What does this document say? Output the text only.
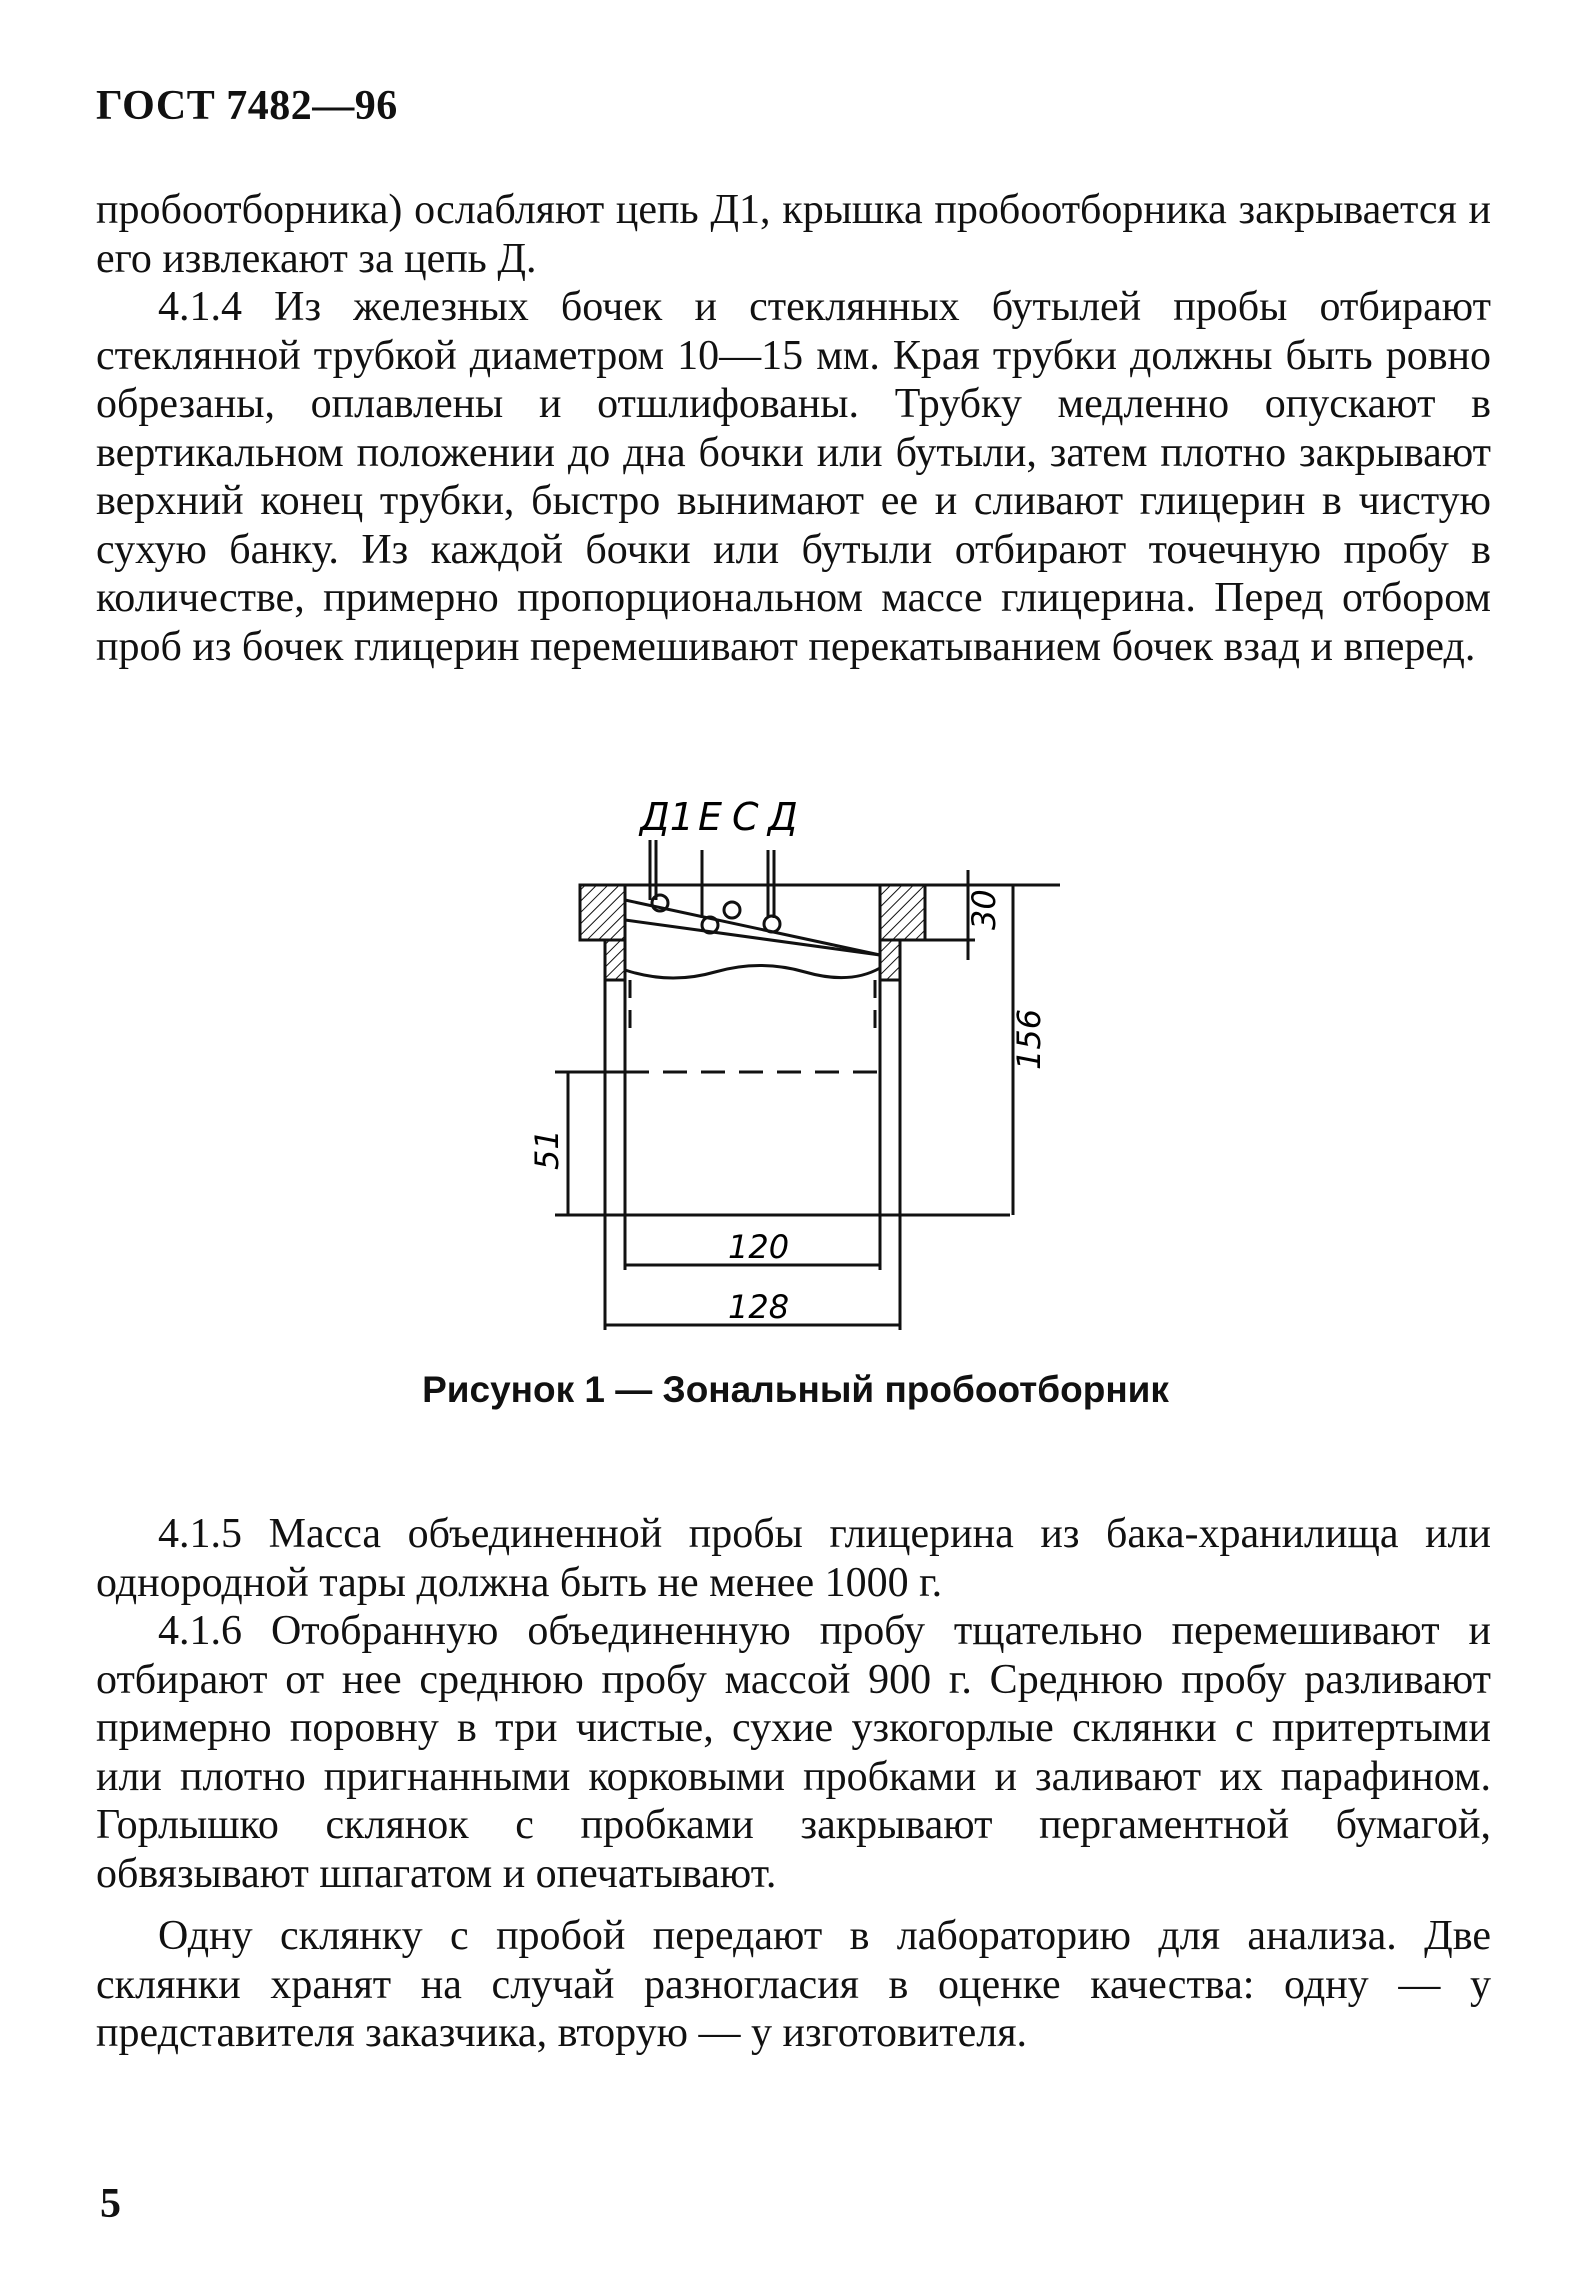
ГОСТ 7482—96

пробоотборника) ослабляют цепь Д1, крышка пробоотборника закрывается и его извлекают за цепь Д.

4.1.4 Из железных бочек и стеклянных бутылей пробы отбирают стеклянной трубкой диаметром 10—15 мм. Края трубки должны быть ровно обрезаны, оплавлены и отшлифованы. Трубку медленно опускают в вертикальном положении до дна бочки или бутыли, затем плотно закрывают верхний конец трубки, быстро вынимают ее и сливают глицерин в чистую сухую банку. Из каждой бочки или бутыли отбирают точечную пробу в количестве, примерно пропорциональном массе глицерина. Перед отбором проб из бочек глицерин перемешивают перекатыванием бочек взад и вперед.

Д1 Е С Д
30
156
51
120
128
Рисунок 1 — Зональный пробоотборник

4.1.5 Масса объединенной пробы глицерина из бака-хранилища или однородной тары должна быть не менее 1000 г.

4.1.6 Отобранную объединенную пробу тщательно перемешивают и отбирают от нее среднюю пробу массой 900 г. Среднюю пробу разливают примерно поровну в три чистые, сухие узкогорлые склянки с притертыми или плотно пригнанными корковыми пробками и заливают их парафином. Горлышко склянок с пробками закрывают пергаментной бумагой, обвязывают шпагатом и опечатывают.

Одну склянку с пробой передают в лабораторию для анализа. Две склянки хранят на случай разногласия в оценке качества: одну — у представителя заказчика, вторую — у изготовителя.

5
